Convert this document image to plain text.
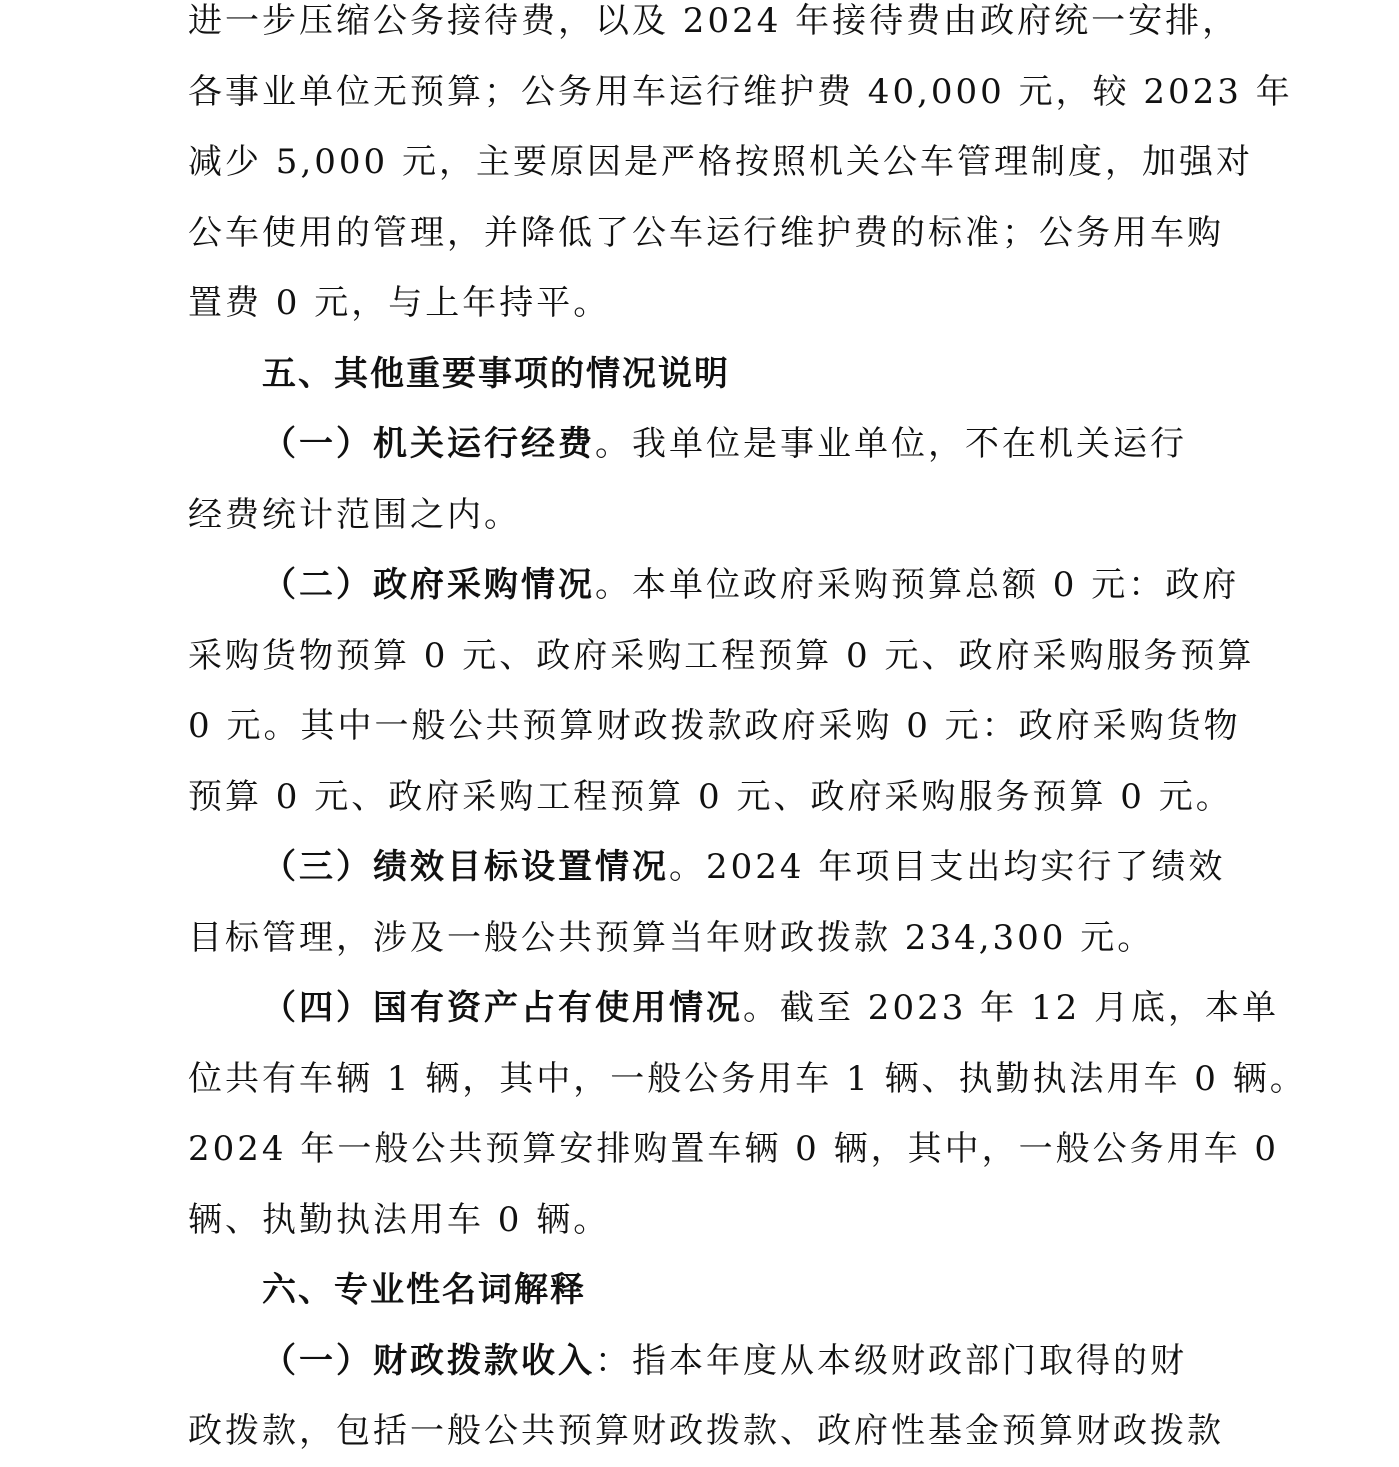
进一步压缩公务接待费，以及 2024 年接待费由政府统一安排，
各事业单位无预算；公务用车运行维护费 40,000 元，较 2023 年
减少 5,000 元，主要原因是严格按照机关公车管理制度，加强对
公车使用的管理，并降低了公车运行维护费的标准；公务用车购
置费 0 元，与上年持平。
五、其他重要事项的情况说明
（一）机关运行经费。我单位是事业单位，不在机关运行
经费统计范围之内。
（二）政府采购情况。本单位政府采购预算总额 0 元：政府
采购货物预算 0 元、政府采购工程预算 0 元、政府采购服务预算
0 元。其中一般公共预算财政拨款政府采购 0 元：政府采购货物
预算 0 元、政府采购工程预算 0 元、政府采购服务预算 0 元。
（三）绩效目标设置情况。2024 年项目支出均实行了绩效
目标管理，涉及一般公共预算当年财政拨款 234,300 元。
（四）国有资产占有使用情况。截至 2023 年 12 月底，本单
位共有车辆 1 辆，其中，一般公务用车 1 辆、执勤执法用车 0 辆。
2024 年一般公共预算安排购置车辆 0 辆，其中，一般公务用车 0
辆、执勤执法用车 0 辆。
六、专业性名词解释
（一）财政拨款收入：指本年度从本级财政部门取得的财
政拨款，包括一般公共预算财政拨款、政府性基金预算财政拨款
